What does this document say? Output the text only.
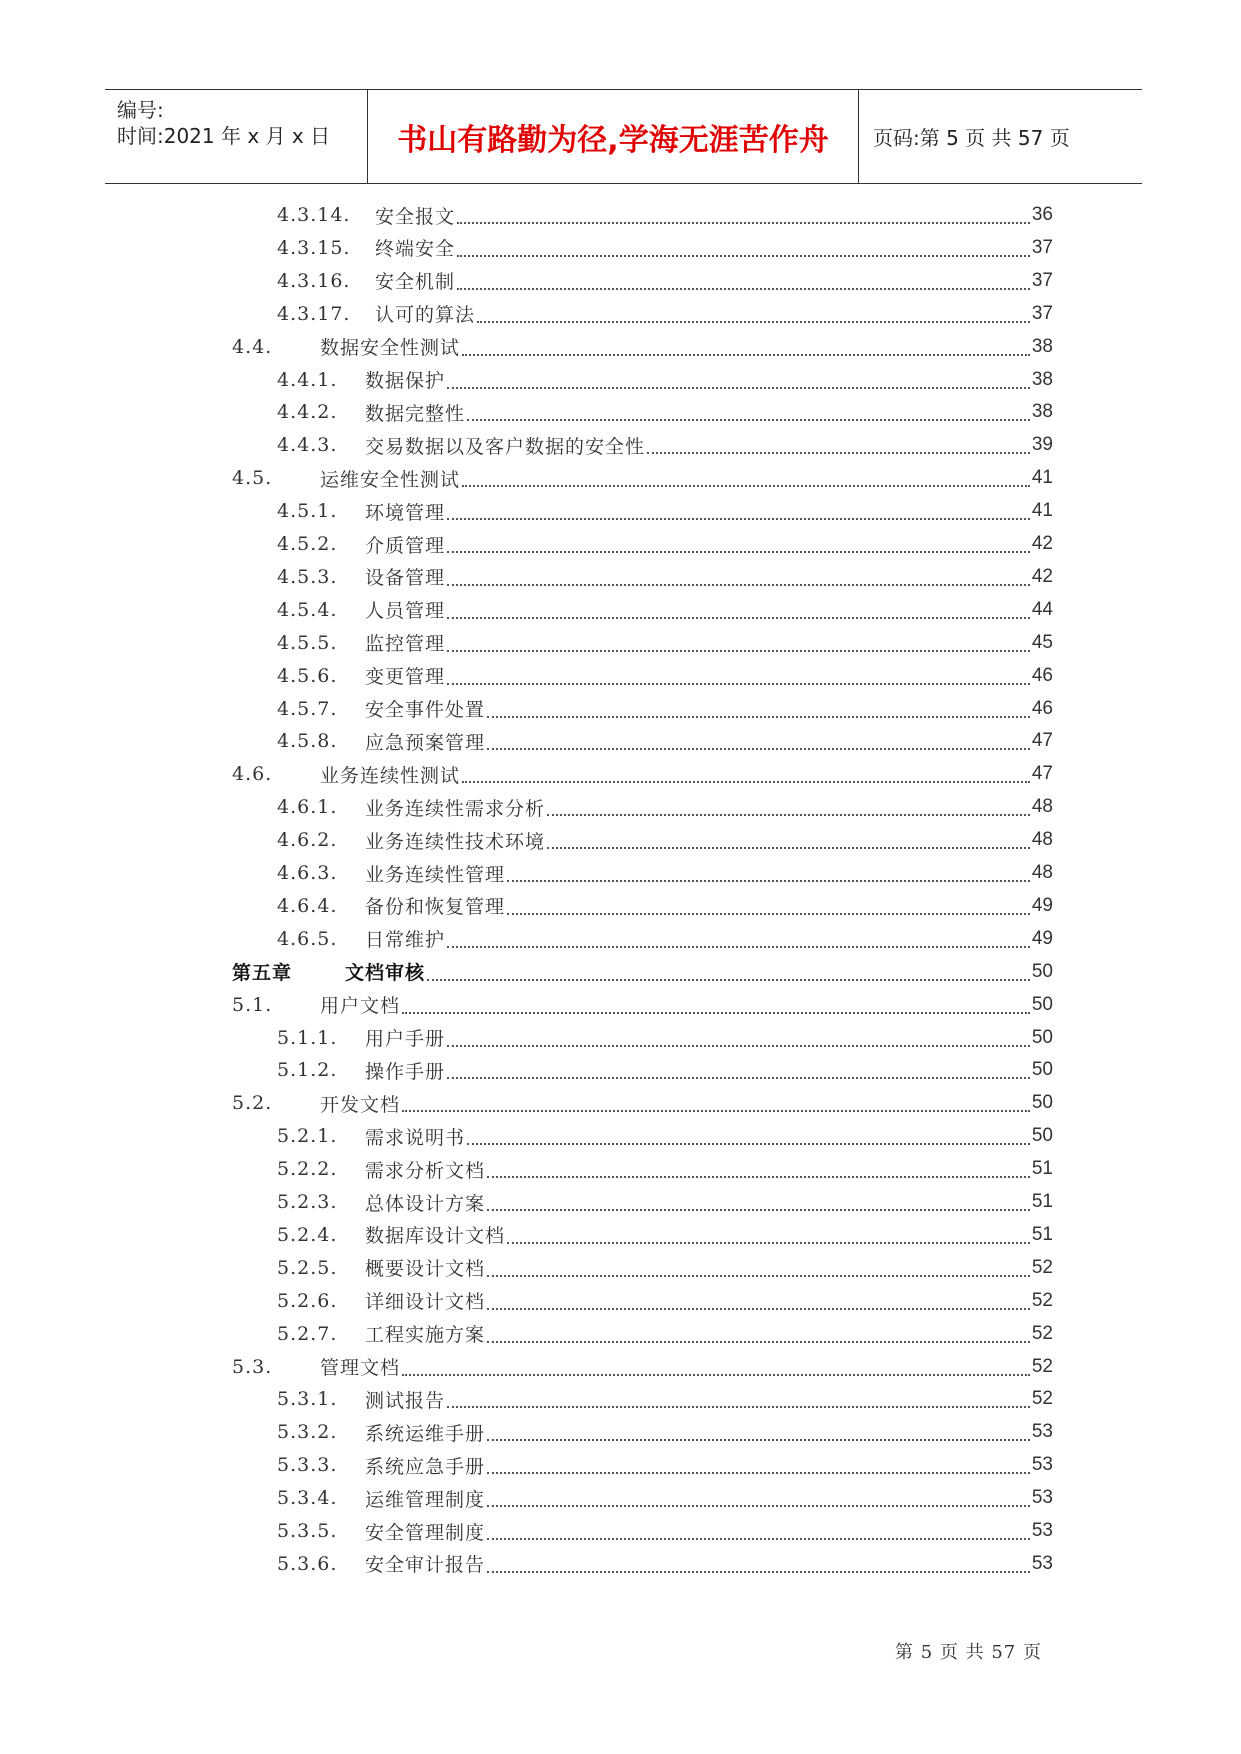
编号:
时间:2021 年 x 月 x 日	书山有路勤为径,学海无涯苦作舟	页码:第 5 页 共 57 页
4.3.14.	安全报文	36
4.3.15.	终端安全	37
4.3.16.	安全机制	37
4.3.17.	认可的算法	37
4.4.	数据安全性测试	38
4.4.1.	数据保护	38
4.4.2.	数据完整性	38
4.4.3.	交易数据以及客户数据的安全性	39
4.5.	运维安全性测试	41
4.5.1.	环境管理	41
4.5.2.	介质管理	42
4.5.3.	设备管理	42
4.5.4.	人员管理	44
4.5.5.	监控管理	45
4.5.6.	变更管理	46
4.5.7.	安全事件处置	46
4.5.8.	应急预案管理	47
4.6.	业务连续性测试	47
4.6.1.	业务连续性需求分析	48
4.6.2.	业务连续性技术环境	48
4.6.3.	业务连续性管理	48
4.6.4.	备份和恢复管理	49
4.6.5.	日常维护	49
第五章	文档审核	50
5.1.	用户文档	50
5.1.1.	用户手册	50
5.1.2.	操作手册	50
5.2.	开发文档	50
5.2.1.	需求说明书	50
5.2.2.	需求分析文档	51
5.2.3.	总体设计方案	51
5.2.4.	数据库设计文档	51
5.2.5.	概要设计文档	52
5.2.6.	详细设计文档	52
5.2.7.	工程实施方案	52
5.3.	管理文档	52
5.3.1.	测试报告	52
5.3.2.	系统运维手册	53
5.3.3.	系统应急手册	53
5.3.4.	运维管理制度	53
5.3.5.	安全管理制度	53
5.3.6.	安全审计报告	53
第 5 页 共 57 页
